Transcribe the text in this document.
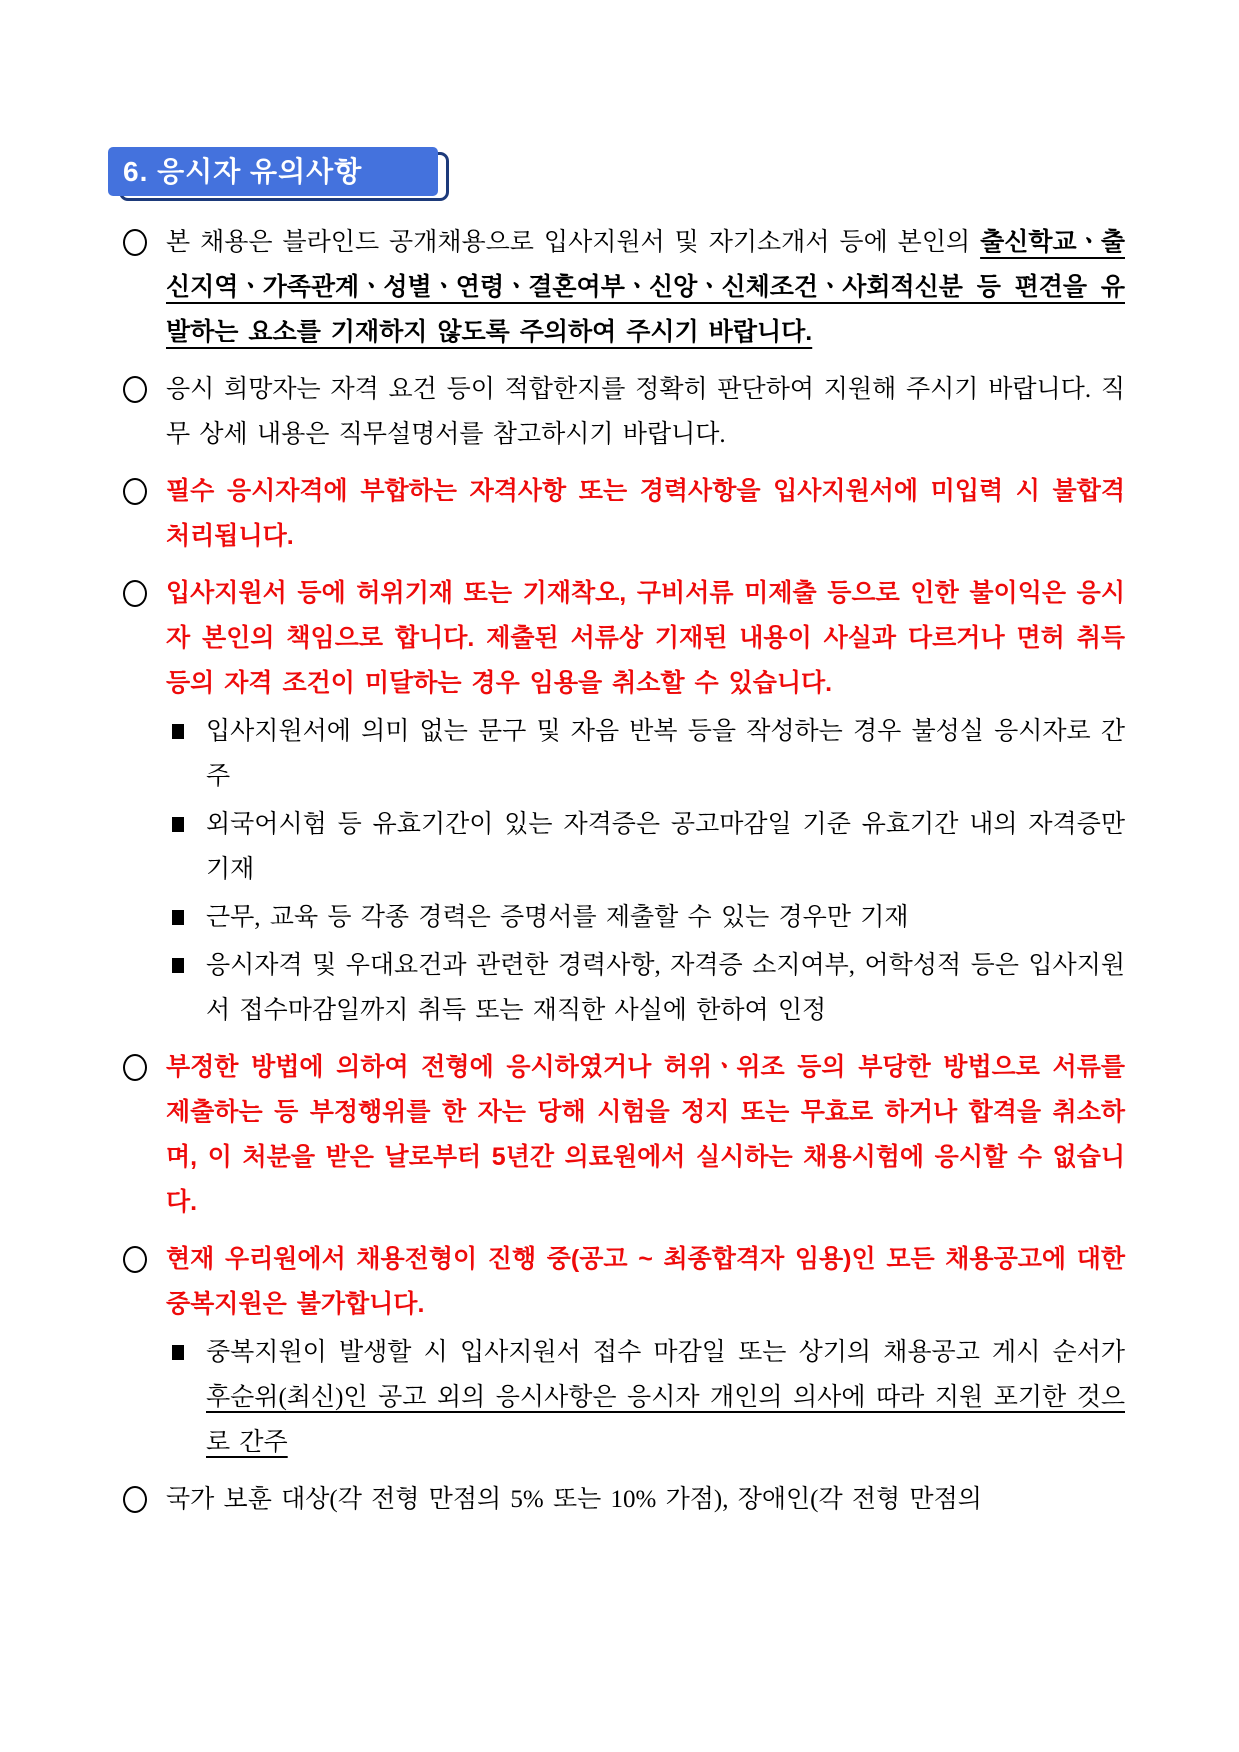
6. 응시자 유의사항
본 채용은 블라인드 공개채용으로 입사지원서 및 자기소개서 등에 본인의 출신학교ㆍ출신지역ㆍ가족관계ㆍ성별ㆍ연령ㆍ결혼여부ㆍ신앙ㆍ신체조건ㆍ사회적신분 등 편견을 유발하는 요소를 기재하지 않도록 주의하여 주시기 바랍니다.
응시 희망자는 자격 요건 등이 적합한지를 정확히 판단하여 지원해 주시기 바랍니다. 직무 상세 내용은 직무설명서를 참고하시기 바랍니다.
필수 응시자격에 부합하는 자격사항 또는 경력사항을 입사지원서에 미입력 시 불합격 처리됩니다.
입사지원서 등에 허위기재 또는 기재착오, 구비서류 미제출 등으로 인한 불이익은 응시자 본인의 책임으로 합니다. 제출된 서류상 기재된 내용이 사실과 다르거나 면허 취득 등의 자격 조건이 미달하는 경우 임용을 취소할 수 있습니다.
입사지원서에 의미 없는 문구 및 자음 반복 등을 작성하는 경우 불성실 응시자로 간주
외국어시험 등 유효기간이 있는 자격증은 공고마감일 기준 유효기간 내의 자격증만 기재
근무, 교육 등 각종 경력은 증명서를 제출할 수 있는 경우만 기재
응시자격 및 우대요건과 관련한 경력사항, 자격증 소지여부, 어학성적 등은 입사지원서 접수마감일까지 취득 또는 재직한 사실에 한하여 인정
부정한 방법에 의하여 전형에 응시하였거나 허위ㆍ위조 등의 부당한 방법으로 서류를 제출하는 등 부정행위를 한 자는 당해 시험을 정지 또는 무효로 하거나 합격을 취소하며, 이 처분을 받은 날로부터 5년간 의료원에서 실시하는 채용시험에 응시할 수 없습니다.
현재 우리원에서 채용전형이 진행 중(공고 ~ 최종합격자 임용)인 모든 채용공고에 대한 중복지원은 불가합니다.
중복지원이 발생할 시 입사지원서 접수 마감일 또는 상기의 채용공고 게시 순서가 후순위(최신)인 공고 외의 응시사항은 응시자 개인의 의사에 따라 지원 포기한 것으로 간주
국가 보훈 대상(각 전형 만점의 5% 또는 10% 가점), 장애인(각 전형 만점의
